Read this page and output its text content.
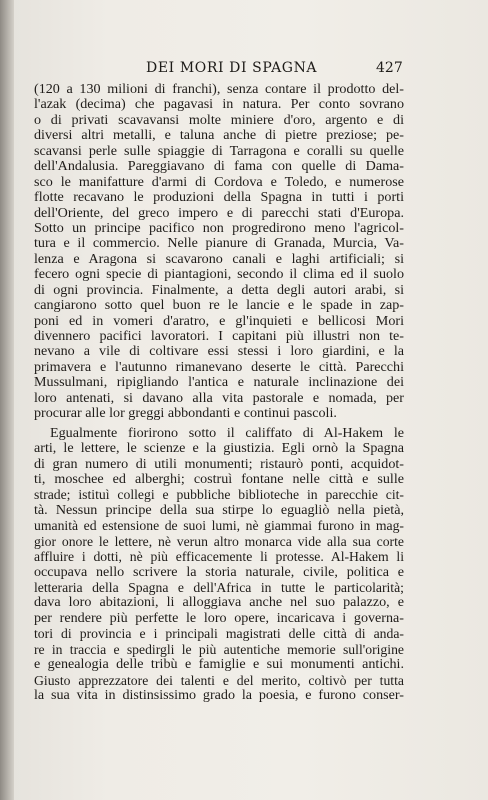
DEI MORI DI SPAGNA	427
(120 a 130 milioni di franchi), senza contare il prodotto del-
l'azak (decima) che pagavasi in natura. Per conto sovrano
o di privati scavavansi molte miniere d'oro, argento e di
diversi altri metalli, e taluna anche di pietre preziose; pe-
scavansi perle sulle spiaggie di Tarragona e coralli su quelle
dell'Andalusia. Pareggiavano di fama con quelle di Dama-
sco le manifatture d'armi di Cordova e Toledo, e numerose
flotte recavano le produzioni della Spagna in tutti i porti
dell'Oriente, del greco impero e di parecchi stati d'Europa.
Sotto un principe pacifico non progredirono meno l'agricol-
tura e il commercio. Nelle pianure di Granada, Murcia, Va-
lenza e Aragona si scavarono canali e laghi artificiali; si
fecero ogni specie di piantagioni, secondo il clima ed il suolo
di ogni provincia. Finalmente, a detta degli autori arabi, si
cangiarono sotto quel buon re le lancie e le spade in zap-
poni ed in vomeri d'aratro, e gl'inquieti e bellicosi Mori
divennero pacifici lavoratori. I capitani più illustri non te-
nevano a vile di coltivare essi stessi i loro giardini, e la
primavera e l'autunno rimanevano deserte le città. Parecchi
Mussulmani, ripigliando l'antica e naturale inclinazione dei
loro antenati, si davano alla vita pastorale e nomada, per
procurar alle lor greggi abbondanti e continui pascoli.
Egualmente fiorirono sotto il califfato di Al-Hakem le
arti, le lettere, le scienze e la giustizia. Egli ornò la Spagna
di gran numero di utili monumenti; ristaurò ponti, acquidot-
ti, moschee ed alberghi; costruì fontane nelle città e sulle
strade; istituì collegi e pubbliche biblioteche in parecchie cit-
tà. Nessun principe della sua stirpe lo eguagliò nella pietà,
umanità ed estensione de suoi lumi, nè giammai furono in mag-
gior onore le lettere, nè verun altro monarca vide alla sua corte
affluire i dotti, nè più efficacemente li protesse. Al-Hakem li
occupava nello scrivere la storia naturale, civile, politica e
letteraria della Spagna e dell'Africa in tutte le particolarità;
dava loro abitazioni, li alloggiava anche nel suo palazzo, e
per rendere più perfette le loro opere, incaricava i governa-
tori di provincia e i principali magistrati delle città di anda-
re in traccia e spedirgli le più autentiche memorie sull'origine
e genealogia delle tribù e famiglie e sui monumenti antichi.
Giusto apprezzatore dei talenti e del merito, coltivò per tutta
la sua vita in distinsissimo grado la poesia, e furono conser-
